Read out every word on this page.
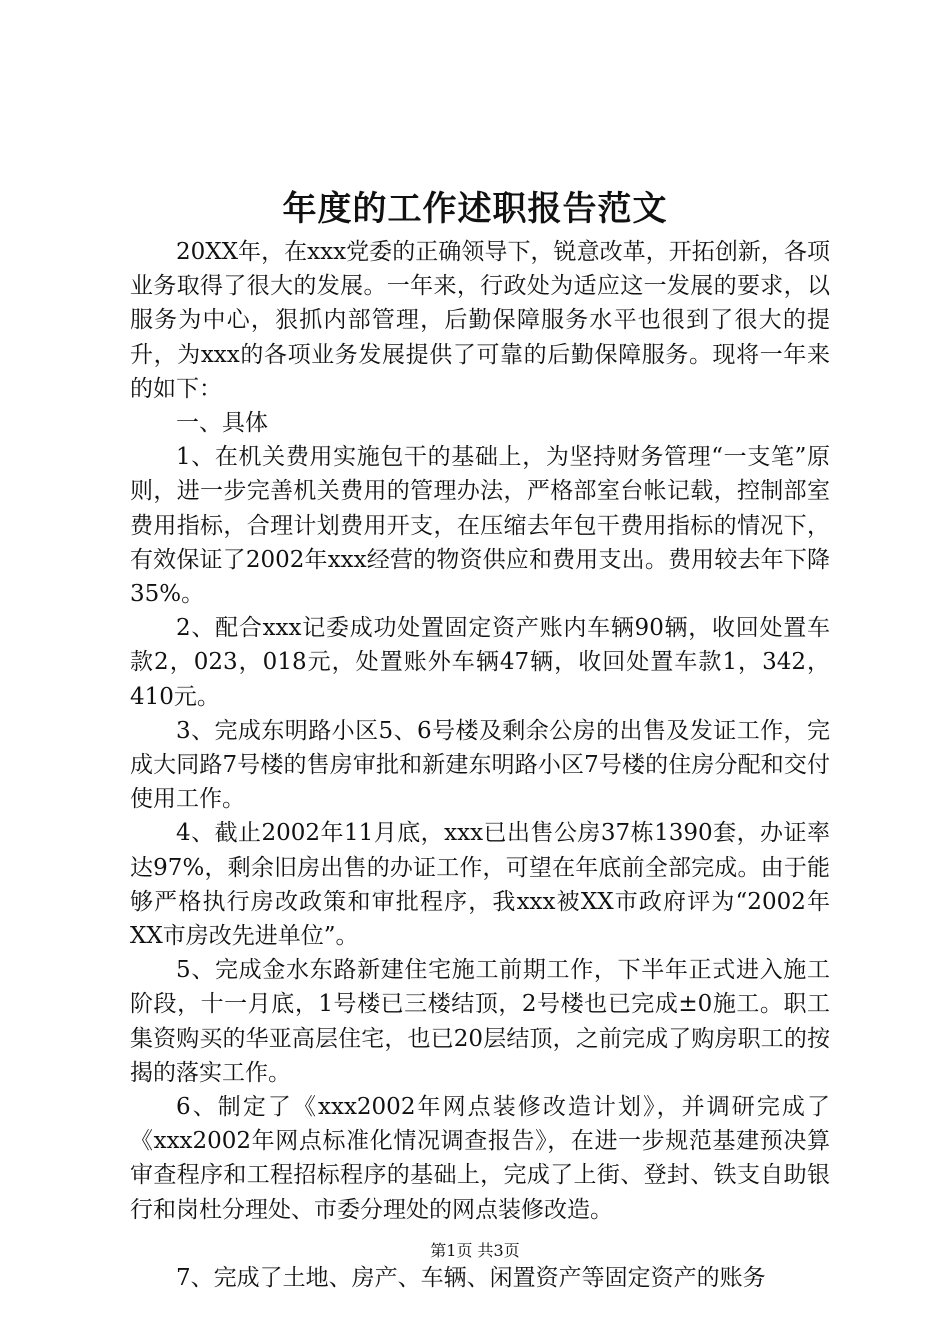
年度的工作述职报告范文

20XX年，在xxx党委的正确领导下，锐意改革，开拓创新，各项业务取得了很大的发展。一年来，行政处为适应这一发展的要求，以服务为中心，狠抓内部管理，后勤保障服务水平也很到了很大的提升，为xxx的各项业务发展提供了可靠的后勤保障服务。现将一年来的如下：

一、具体

1、在机关费用实施包干的基础上，为坚持财务管理“一支笔”原则，进一步完善机关费用的管理办法，严格部室台帐记载，控制部室费用指标，合理计划费用开支，在压缩去年包干费用指标的情况下，有效保证了2002年xxx经营的物资供应和费用支出。费用较去年下降35%。

2、配合xxx记委成功处置固定资产账内车辆90辆，收回处置车款2，023，018元，处置账外车辆47辆，收回处置车款1，342，410元。

3、完成东明路小区5、6号楼及剩余公房的出售及发证工作，完成大同路7号楼的售房审批和新建东明路小区7号楼的住房分配和交付使用工作。

4、截止2002年11月底，xxx已出售公房37栋1390套，办证率达97%，剩余旧房出售的办证工作，可望在年底前全部完成。由于能够严格执行房改政策和审批程序，我xxx被XX市政府评为“2002年XX市房改先进单位”。

5、完成金水东路新建住宅施工前期工作，下半年正式进入施工阶段，十一月底，1号楼已三楼结顶，2号楼也已完成±0施工。职工集资购买的华亚高层住宅，也已20层结顶，之前完成了购房职工的按揭的落实工作。

6、制定了《xxx2002年网点装修改造计划》，并调研完成了《xxx2002年网点标准化情况调查报告》，在进一步规范基建预决算审查程序和工程招标程序的基础上，完成了上街、登封、铁支自助银行和岗杜分理处、市委分理处的网点装修改造。

7、完成了土地、房产、车辆、闲置资产等固定资产的账务

第1页 共3页
